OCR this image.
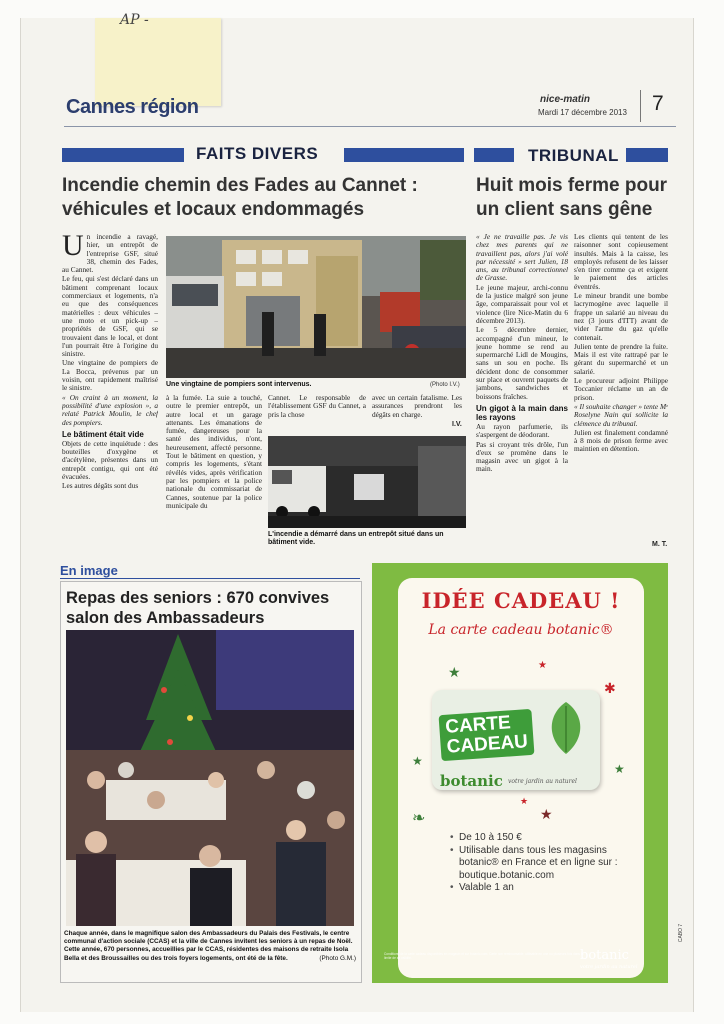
AP -
Cannes région	nice-matin
Mardi 17 décembre 2013 7
FAITS DIVERS	TRIBUNAL
Incendie chemin des Fades au Cannet : véhicules et locaux endommagés
Huit mois ferme pour un client sans gêne
U n incendie a ravagé, hier, un entrepôt de l'entreprise GSF, situé 38, chemin des Fades, au Cannet.

Le feu, qui s'est déclaré dans un bâtiment comprenant locaux commerciaux et logements, n'a eu que des conséquences matérielles : deux véhicules – une moto et un pick-up – propriétés de GSF, qui se trouvaient dans le local, et dont l'un pourrait être à l'origine du sinistre.

Une vingtaine de pompiers de La Bocca, prévenus par un voisin, ont rapidement maîtrisé le sinistre.

« On craint à un moment, la possibilité d'une explosion », a relaté Patrick Moulin, le chef des pompiers.

Le bâtiment était vide

Objets de cette inquiétude : des bouteilles d'oxygène et d'acétylène, présentes dans un entrepôt contigu, qui ont été évacuées.

Les autres dégâts sont dus

Une vingtaine de pompiers sont intervenus.	(Photo I.V.)
à la fumée. La suie a touché, outre le premier entrepôt, un autre local et un garage attenants. Les émanations de fumée, dangereuses pour la santé des individus, n'ont, heureusement, affecté personne. Tout le bâtiment en question, y compris les logements, s'étant révélés vides, après vérification par les pompiers et la police nationale du commissariat de Cannes, soutenue par la police municipale du
Cannet. Le responsable de l'établissement GSF du Cannet, a pris la chose
avec un certain fatalisme. Les assurances prendront les dégâts en charge.
I.V.
L'incendie a démarré dans un entrepôt situé dans un bâtiment vide.

« Je ne travaille pas. Je vis chez mes parents qui ne travaillent pas, alors j'ai volé par nécessité » sert Julien, 18 ans, au tribunal correctionnel de Grasse.

Le jeune majeur, archi-connu de la justice malgré son jeune âge, comparaissait pour vol et violence (lire Nice-Matin du 6 décembre 2013).

Le 5 décembre dernier, accompagné d'un mineur, le jeune homme se rend au supermarché Lidl de Mougins, sans un sou en poche. Ils décident donc de consommer sur place et ouvrent paquets de jambons, sandwiches et boissons fraîches.

Un gigot à la main dans les rayons

Au rayon parfumerie, ils s'aspergent de déodorant.

Pas si croyant très drôle, l'un d'eux se promène dans le magasin avec un gigot à la main.

Les clients qui tentent de les raisonner sont copieusement insultés. Mais à la caisse, les employés refusent de les laisser s'en tirer comme ça et exigent le paiement des articles éventrés.

Le mineur brandit une bombe lacrymogène avec laquelle il frappe un salarié au niveau du nez (3 jours d'ITT) avant de vider l'arme du gaz qu'elle contenait.

Julien tente de prendre la fuite. Mais il est vite rattrapé par le gérant du supermarché et un salarié.

Le procureur adjoint Philippe Toccanier réclame un an de prison.

« Il souhaite changer » tente Mᵉ Roselyne Nain qui sollicite la clémence du tribunal.

Julien est finalement condamné à 8 mois de prison ferme avec maintien en détention.

M. T.
En image
Repas des seniors : 670 convives salon des Ambassadeurs
Chaque année, dans le magnifique salon des Ambassadeurs du Palais des Festivals, le centre communal d'action sociale (CCAS) et la ville de Cannes invitent les seniors à un repas de Noël. Cette année, 670 personnes, accueillies par le CCAS, résidentes des maisons de retraite Isola Bella et des Broussailles ou des trois foyers logements, ont été de la fête.	(Photo G.M.)
IDÉE CADEAU !
La carte cadeau botanic®
★	★
✱
★
★
★
★
❧
CARTE
CADEAU
botanic votre jardin au naturel
• De 10 à 150 €
• Utilisable dans tous les magasins botanic® en France et en ligne sur : boutique.botanic.com
• Valable 1 an
Conditions de la carte cadeau disponibles en magasin et sur botanic.com. Carte non remboursable, utilisable en une ou plusieurs fois dans la limite de sa validité.	botanic
votre jardin au naturel
CABO 7
